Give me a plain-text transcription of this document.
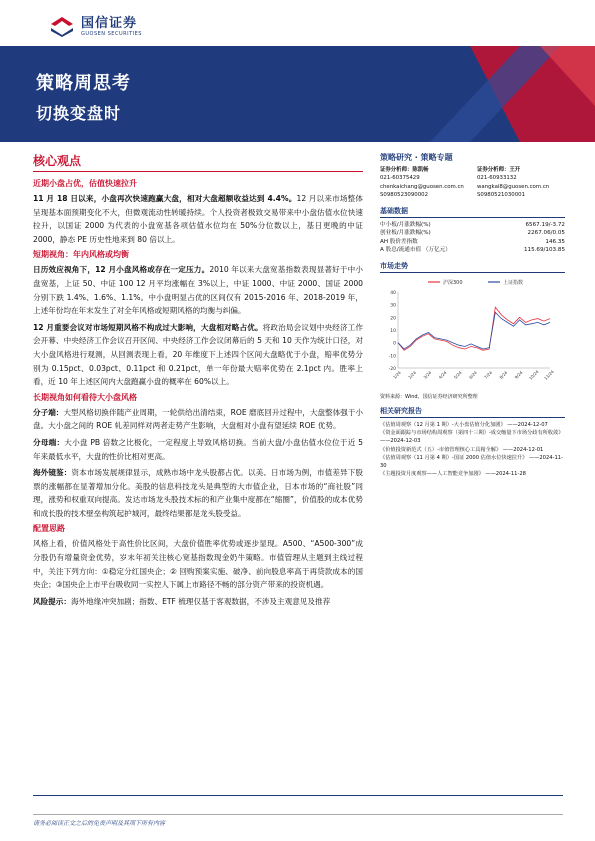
国信证券
GUOSEN SECURITIES
策略周思考
切换变盘时
核心观点
近期小盘占优，估值快速拉升

11 月 18 日以来，小盘再次快速跑赢大盘，相对大盘超额收益达到 4.4%。12 月以来市场整体呈现基本面预期变化不大，但微观流动性转暖持续。个人投资者极致交易带来中小盘估值水位快速拉升，以国证 2000 为代表的小盘宽基各项估值水位均在 50%分位数以上，基日更晚的中证 2000，静态 PE 历史性地来到 80 倍以上。

短期视角：年内风格或均衡

日历效应视角下，12 月小盘风格或存在一定压力。2010 年以来大盘宽基指数表现显著好于中小盘宽基，上证 50、中证 100 12 月平均涨幅在 3%以上，中证 1000、中证 2000、国证 2000 分别下跌 1.4%、1.6%、1.1%。中小盘明显占优的区间仅有 2015-2016 年、2018-2019 年，上述年份均在年末发生了对全年风格或短期风格的均衡与纠偏。

12 月重要会议对市场短期风格不构成过大影响，大盘相对略占优。将政治局会议划中央经济工作会开幕、中央经济工作会议召开区间、中央经济工作会议闭幕后的 5 天和 10 天作为统计口径，对大小盘风格进行观测，从回测表现上看，20 年维度下上述四个区间大盘略优于小盘，赔率优势分别为 0.15pct、0.03pct、0.11pct 和 0.21pct，单一年份最大赔率优势在 2.1pct 内。胜率上看，近 10 年上述区间内大盘跑赢小盘的概率在 60%以上。

长期视角如何看待大小盘风格

分子端：大型风格切换伴随产业周期，一轮供给出清结束，ROE 磨底回升过程中，大盘整体强于小盘。大小盘之间的 ROE 轧差同样对两者走势产生影响，大盘相对小盘有望延续 ROE 优势。

分母端：大小盘 PB 倍数之比极化，一定程度上导致风格切换。当前大盘/小盘估值水位位于近 5 年来最低水平，大盘的性价比相对更高。

海外镜鉴：资本市场发展规律显示，成熟市场中龙头股都占优。以美、日市场为例，市值差异下股票的涨幅都在显著增加分化。美股的信息科技龙头是典型的大市值企业，日本市场的“商社股”同理，涨势和权重双向提高。发达市场龙头股技术标的和产业集中度都在“缩圈”，价值股的成本优势和成长股的技术壁垒构筑起护城河，最终结果都是龙头股受益。

配置思路

风格上看，价值风格处于高性价比区间，大盘价值胜率优势或逐步显现。A500、“A500-300”成分股仍有增量资金优势，岁末年初关注核心宽基指数现金奶牛策略。市值管理从主题到主线过程中，关注下列方向：①稳定分红国央企；② 回购预案实施、破净、前向股息率高于再贷款成本的国央企；③国央企上市平台吸收同一实控人下属上市路径不畅的部分资产带来的投资机遇。

风险提示：海外地缘冲突加剧；指数、ETF 梳理仅基于客观数据，不涉及主观意见及推荐

策略研究 · 策略专题
证券分析师：陈凯畅
021-60375429
chenkaichang@guosen.com.cn
S0980523090002
证券分析师：王开
021-60933132
wangkai8@guosen.com.cn
S0980521030001
基础数据
中小板/月涨跌幅(%)	6567.19/-3.72
创业板/月涨跌幅(%)	2267.06/0.05
AH 股价差指数	146.35
A 股总/流通市值 （万亿元）	115.69/103.85
市场走势
沪深300	上证指数
40
30
20
10
0
-10
-20
1/24 2/24 3/24 4/24 5/24 6/24 7/24 8/24 9/24 10/24 11/24
资料来源：Wind、国信证券经济研究所整理
相关研究报告
《估值周观察（12 月第 1 期）-大小盘估值分化加剧》 ——2024-12-07
《资金面跟踪与市场结构周观察（第四十三期）-成交缩量下市场分歧有所收敛》 ——2024-12-03
《价值投资新范式（五）-市值管理核心工具箱全解》 ——2024-12-01
《估值周观察（11 月第 4 期）-国证 2000 估值水位快速拉升》 ——2024-11-30
《主题投资月度观察——人工智能竞争加剧》 ——2024-11-28
请务必阅读正文之后的免责声明及其项下所有内容
